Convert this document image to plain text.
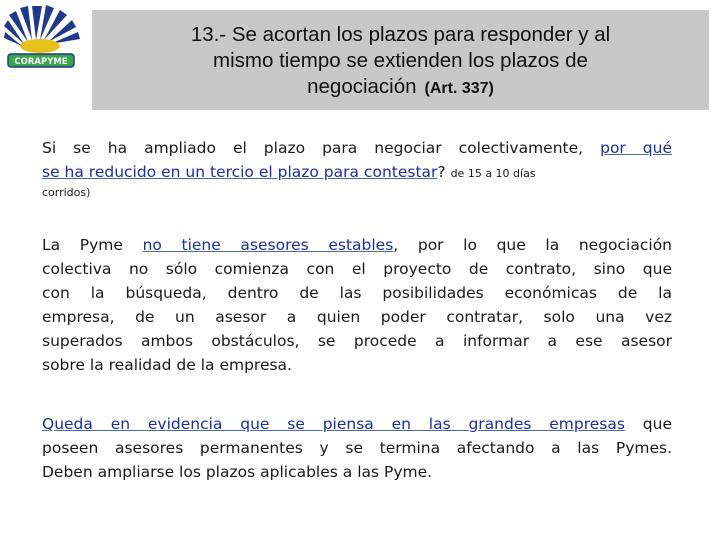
CORAPYME
13.- Se acortan los plazos para responder y al
mismo tiempo se extienden los plazos de
negociación (Art. 337)
Si se ha ampliado el plazo para negociar colectivamente, por qué
se ha reducido en un tercio el plazo para contestar? de 15 a 10 días
corridos)
La Pyme no tiene asesores estables, por lo que la negociación
colectiva no sólo comienza con el proyecto de contrato, sino que
con la búsqueda, dentro de las posibilidades económicas de la
empresa, de un asesor a quien poder contratar, solo una vez
superados ambos obstáculos, se procede a informar a ese asesor
sobre la realidad de la empresa.
Queda en evidencia que se piensa en las grandes empresas que
poseen asesores permanentes y se termina afectando a las Pymes.
Deben ampliarse los plazos aplicables a las Pyme.
